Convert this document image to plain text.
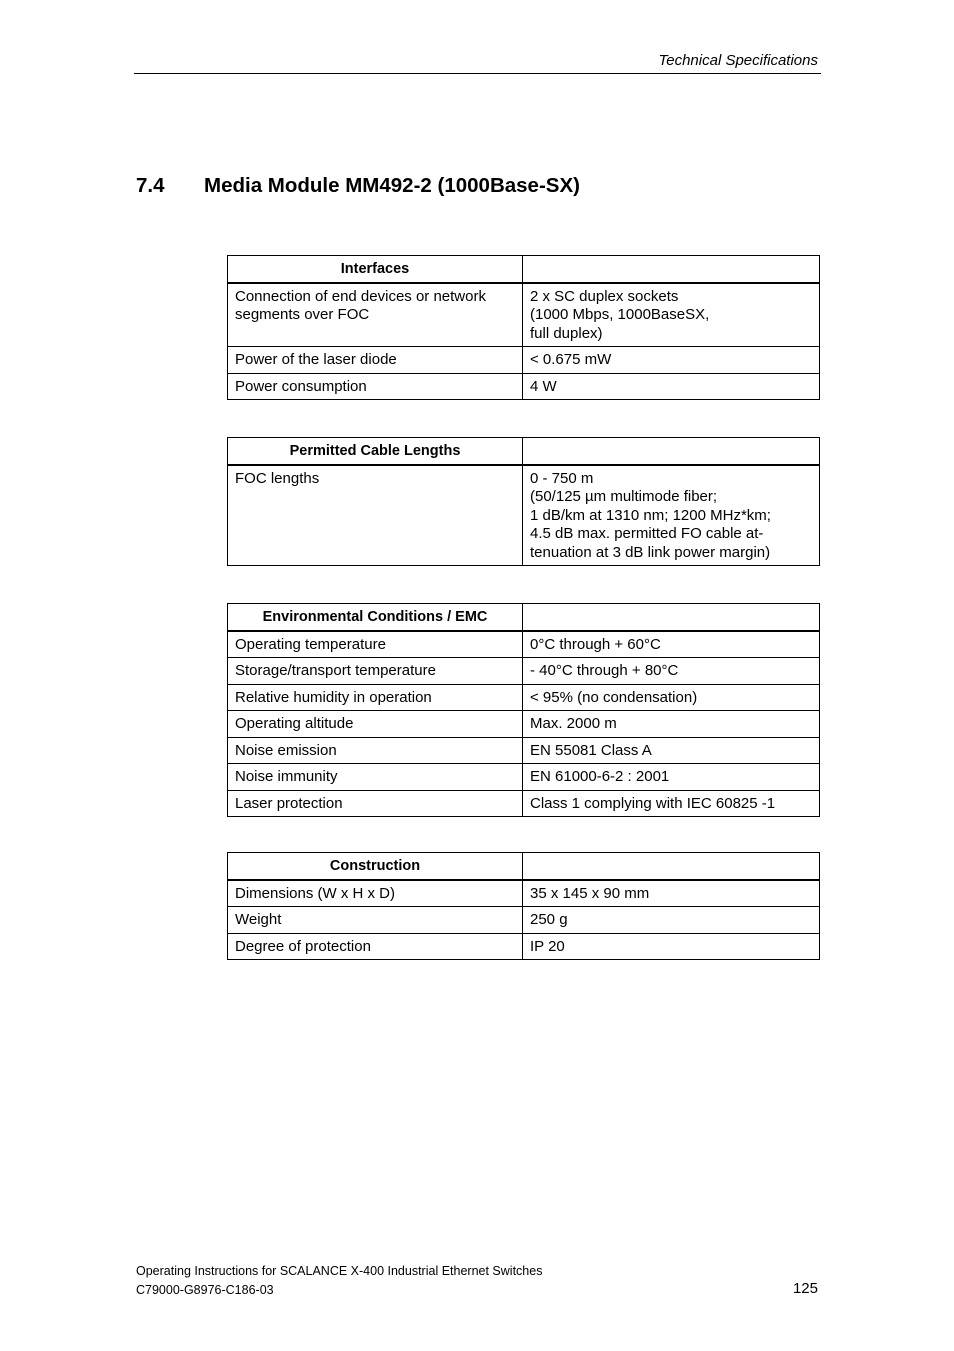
Technical Specifications
7.4 Media Module MM492-2 (1000Base-SX)
Interfaces	
Connection of end devices or network segments over FOC	2 x SC duplex sockets
(1000 Mbps, 1000BaseSX,
full duplex)
Power of the laser diode	< 0.675 mW
Power consumption	4 W
Permitted Cable Lengths	
FOC lengths	0 - 750 m
(50/125 µm multimode fiber;
1 dB/km at 1310 nm; 1200 MHz*km;
4.5 dB max. permitted FO cable at-
tenuation at 3 dB link power margin)
Environmental Conditions / EMC	
Operating temperature	0°C through + 60°C
Storage/transport temperature	- 40°C through + 80°C
Relative humidity in operation	< 95% (no condensation)
Operating altitude	Max. 2000 m
Noise emission	EN 55081 Class A
Noise immunity	EN 61000-6-2 : 2001
Laser protection	Class 1 complying with IEC 60825 -1
Construction	
Dimensions (W x H x D)	35 x 145 x 90 mm
Weight	250 g
Degree of protection	IP 20
Operating Instructions for SCALANCE X-400 Industrial Ethernet Switches
C79000-G8976-C186-03	125
